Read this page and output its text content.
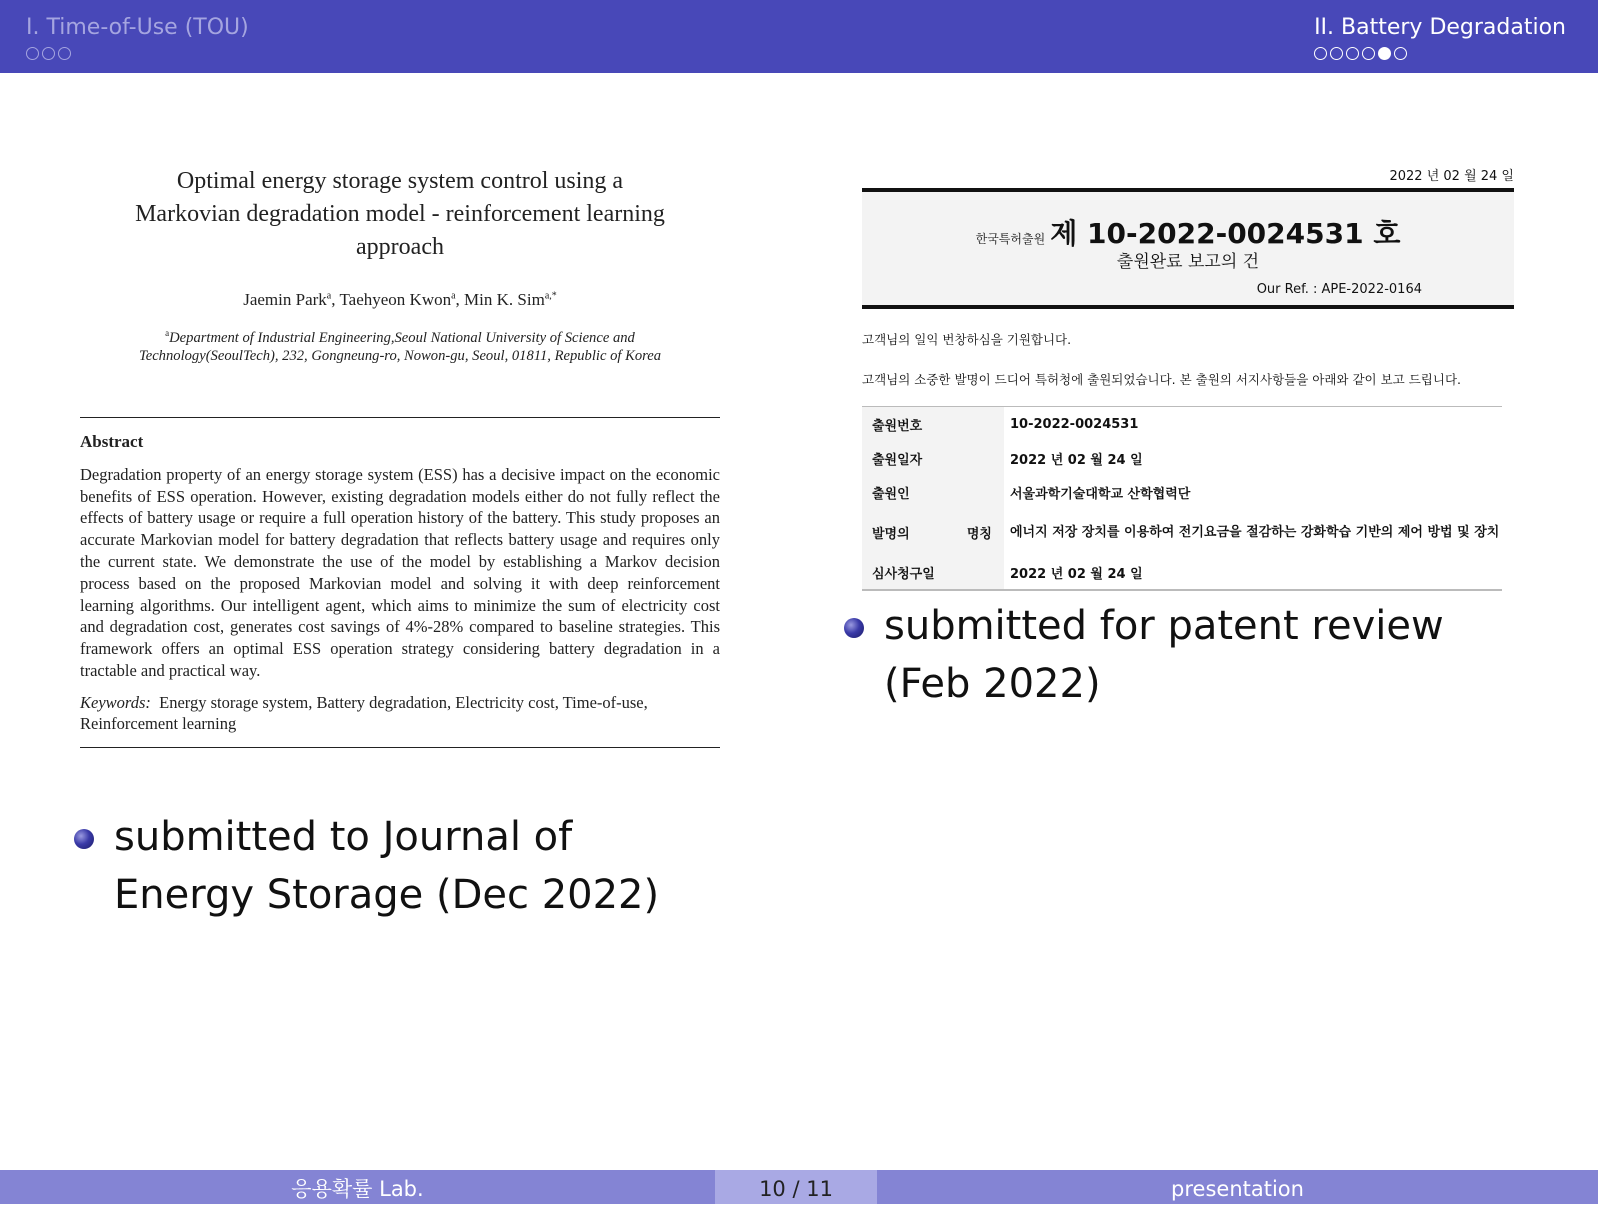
I. Time-of-Use (TOU)	II. Battery Degradation
Optimal energy storage system control using a
Markovian degradation model - reinforcement learning
approach
Jaemin Park$^a$, Taehyeon Kwon$^a$, Min K. Sim$^{a,*}$
$^a$Department of Industrial Engineering,Seoul National University of Science and
Technology(SeoulTech), 232, Gongneung-ro, Nowon-gu, Seoul, 01811, Republic of Korea
Abstract
Degradation property of an energy storage system (ESS) has a decisive impact on the economic benefits of ESS operation. However, existing degradation models either do not fully reflect the effects of battery usage or require a full operation history of the battery. This study proposes an accurate Markovian model for battery degradation that reflects battery usage and requires only the current state. We demonstrate the use of the model by establishing a Markov decision process based on the proposed Markovian model and solving it with deep reinforcement learning algorithms. Our intelligent agent, which aims to minimize the sum of electricity cost and degradation cost, generates cost savings of 4%-28% compared to baseline strategies. This framework offers an optimal ESS operation strategy considering battery degradation in a tractable and practical way.
Keywords: Energy storage system, Battery degradation, Electricity cost, Time-of-use, Reinforcement learning
submitted to Journal of Energy Storage (Dec 2022)
2022 년 02 월 24 일
한국특허출원 제 10-2022-0024531 호
출원완료 보고의 건
Our Ref. : APE-2022-0164
고객님의 일익 번창하심을 기원합니다.
고객님의 소중한 발명이 드디어 특허청에 출원되었습니다. 본 출원의 서지사항들을 아래와 같이 보고 드립니다.
출원번호	10-2022-0024531
출원일자	2022 년 02 월 24 일
출원인	서울과학기술대학교 산학협력단
발명의 명칭	에너지 저장 장치를 이용하여 전기요금을 절감하는 강화학습 기반의 제어 방법 및 장치
심사청구일	2022 년 02 월 24 일
submitted for patent review (Feb 2022)
응용확률 Lab.	10 / 11	presentation
